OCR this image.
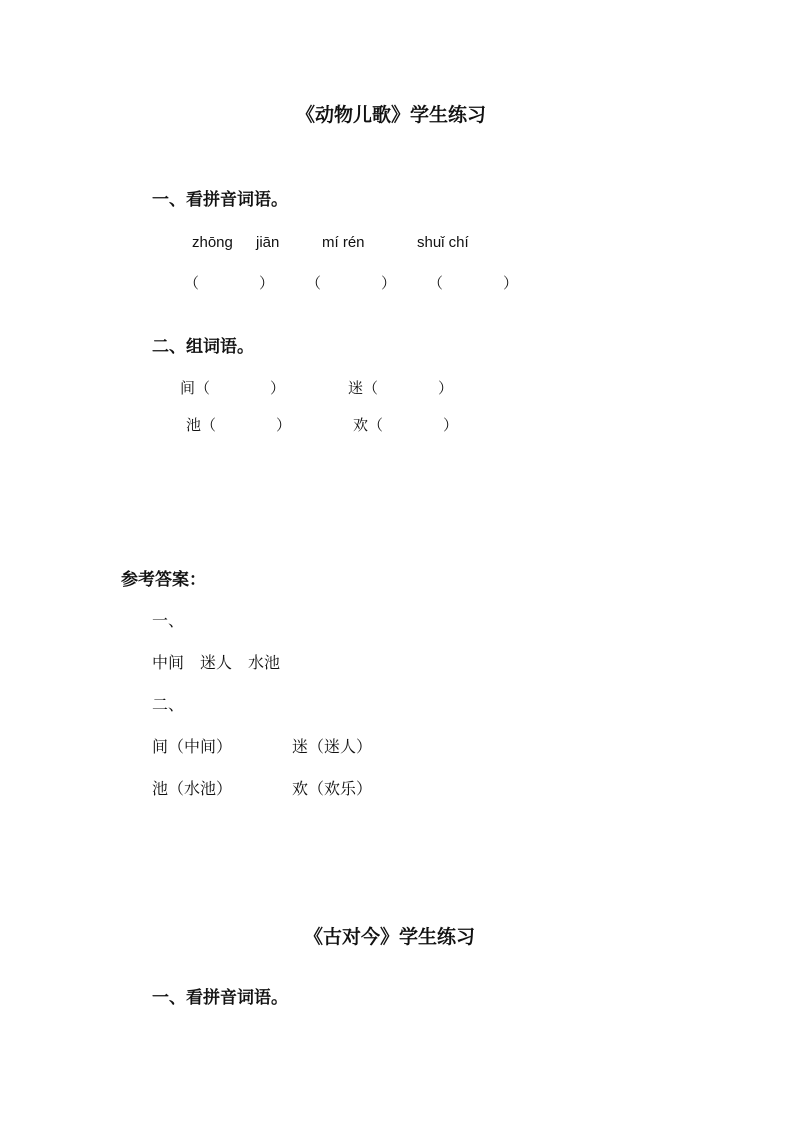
《动物儿歌》学生练习
一、看拼音词语。
zhōng jiān	mí rén	shuǐ chí
（　　　　） （　　　　） （　　　　）
二、组词语。
间（　　　　）	迷（　　　　）
池（　　　　）	欢（　　　　）
参考答案：
一、
中间　迷人　水池
二、
间（中间）	迷（迷人）
池（水池）	欢（欢乐）
《古对今》学生练习
一、看拼音词语。
